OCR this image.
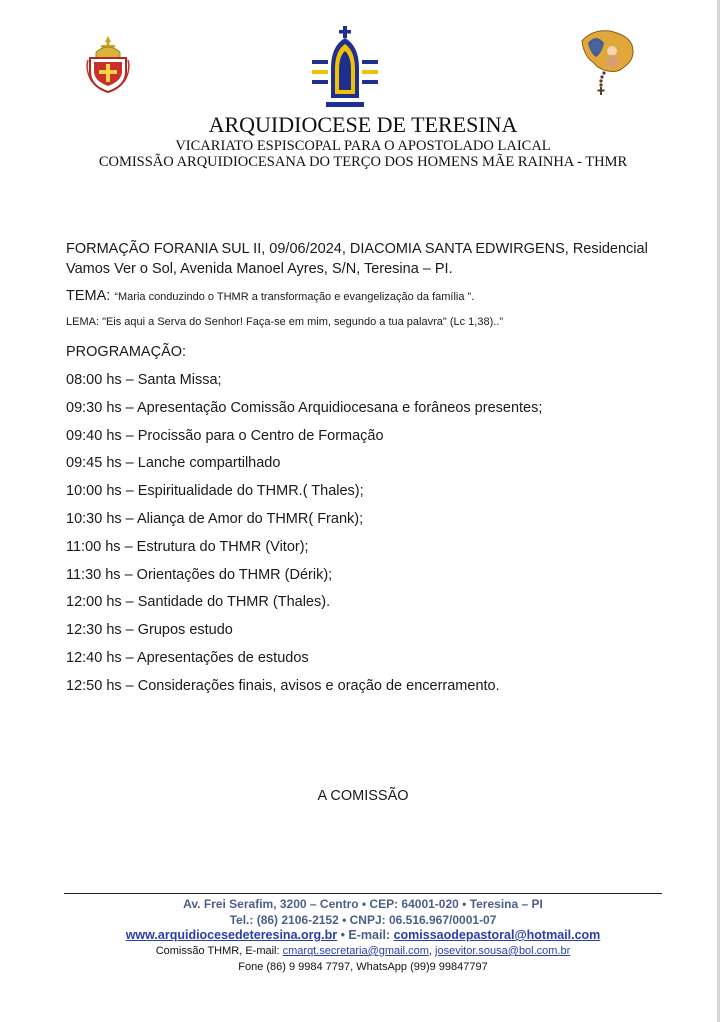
ARQUIDIOCESE DE TERESINA
VICARIATO ESPISCOPAL PARA O APOSTOLADO LAICAL
COMISSÃO ARQUIDIOCESANA DO TERÇO DOS HOMENS MÃE RAINHA - THMR

FORMAÇÃO FORANIA SUL II, 09/06/2024, DIACOMIA SANTA EDWIRGENS, Residencial Vamos Ver o Sol, Avenida Manoel Ayres, S/N, Teresina – PI.

TEMA: “Maria conduzindo o THMR a transformação e evangelização da família ”.
LEMA: "Eis aqui a Serva do Senhor! Faça-se em mim, segundo a tua palavra" (Lc 1,38)..”
PROGRAMAÇÃO:
08:00 hs – Santa Missa;
09:30 hs – Apresentação Comissão Arquidiocesana e forâneos presentes;
09:40 hs – Procissão para o Centro de Formação
09:45 hs – Lanche compartilhado
10:00 hs – Espiritualidade do THMR.( Thales);
10:30 hs – Aliança de Amor do THMR( Frank);
11:00 hs – Estrutura do THMR (Vitor);
11:30 hs – Orientações do THMR (Dérik);
12:00 hs – Santidade do THMR (Thales).
12:30 hs – Grupos estudo
12:40 hs – Apresentações de estudos
12:50 hs – Considerações finais, avisos e oração de encerramento.
A COMISSÃO
Av. Frei Serafim, 3200 – Centro • CEP: 64001-020 • Teresina – PI
Tel.: (86) 2106-2152 • CNPJ: 06.516.967/0001-07
www.arquidiocesedeteresina.org.br • E-mail: comissaodepastoral@hotmail.com
Comissão THMR, E-mail: cmarqt.secretaria@gmail.com, josevitor.sousa@bol.com.br
Fone (86) 9 9984 7797, WhatsApp (99)9 99847797
